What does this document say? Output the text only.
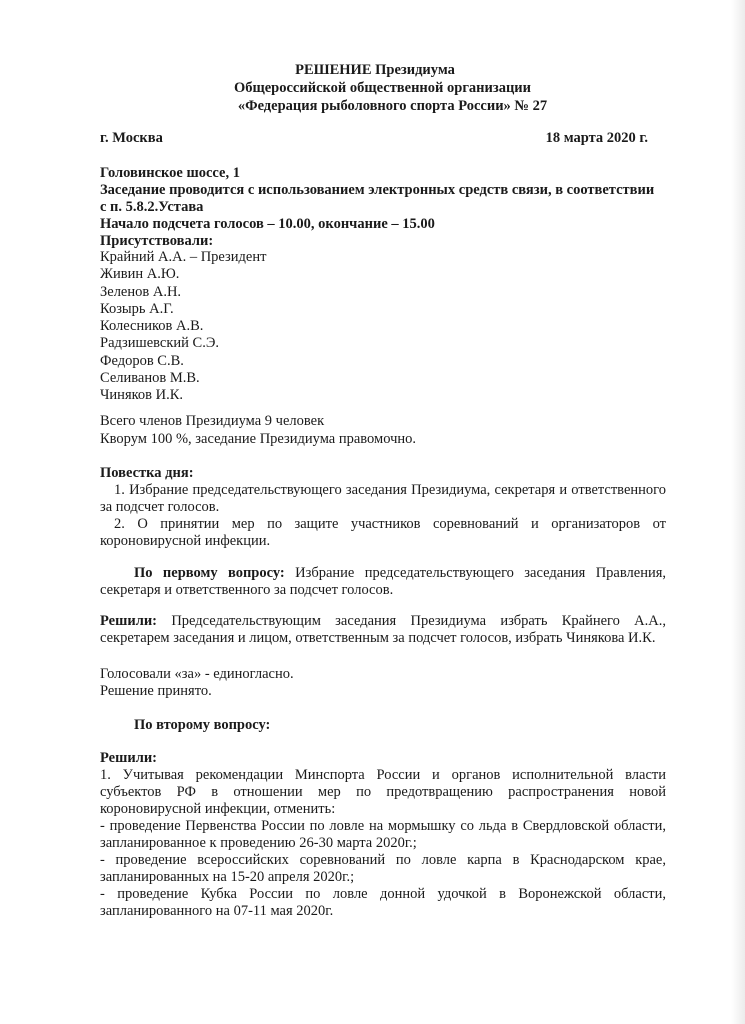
РЕШЕНИЕ Президиума
Общероссийской общественной организации
«Федерация рыболовного спорта России» № 27
г. Москва	18 марта 2020 г.
Головинское шоссе, 1
Заседание проводится с использованием электронных средств связи, в соответствии
с п. 5.8.2.Устава
Начало подсчета голосов – 10.00, окончание – 15.00
Присутствовали:
Крайний А.А. – Президент
Живин А.Ю.
Зеленов А.Н.
Козырь А.Г.
Колесников А.В.
Радзишевский С.Э.
Федоров С.В.
Селиванов М.В.
Чиняков И.К.
Всего членов Президиума 9 человек
Кворум 100 %, заседание Президиума правомочно.
Повестка дня:
1. Избрание председательствующего заседания Президиума, секретаря и ответственного
за подсчет голосов.
2. О принятии мер по защите участников соревнований и организаторов от
короновирусной инфекции.
По первому вопросу: Избрание председательствующего заседания Правления,
секретаря и ответственного за подсчет голосов.
Решили: Председательствующим заседания Президиума избрать Крайнего А.А.,
секретарем заседания и лицом, ответственным за подсчет голосов, избрать Чинякова И.К.
Голосовали «за» - единогласно.
Решение принято.
По второму вопросу:
Решили:
1. Учитывая рекомендации Минспорта России и органов исполнительной власти
субъектов РФ в отношении мер по предотвращению распространения новой
короновирусной инфекции, отменить:
- проведение Первенства России по ловле на мормышку со льда в Свердловской области,
запланированное к проведению 26-30 марта 2020г.;
- проведение всероссийских соревнований по ловле карпа в Краснодарском крае,
запланированных на 15-20 апреля 2020г.;
- проведение Кубка России по ловле донной удочкой в Воронежской области,
запланированного на 07-11 мая 2020г.
